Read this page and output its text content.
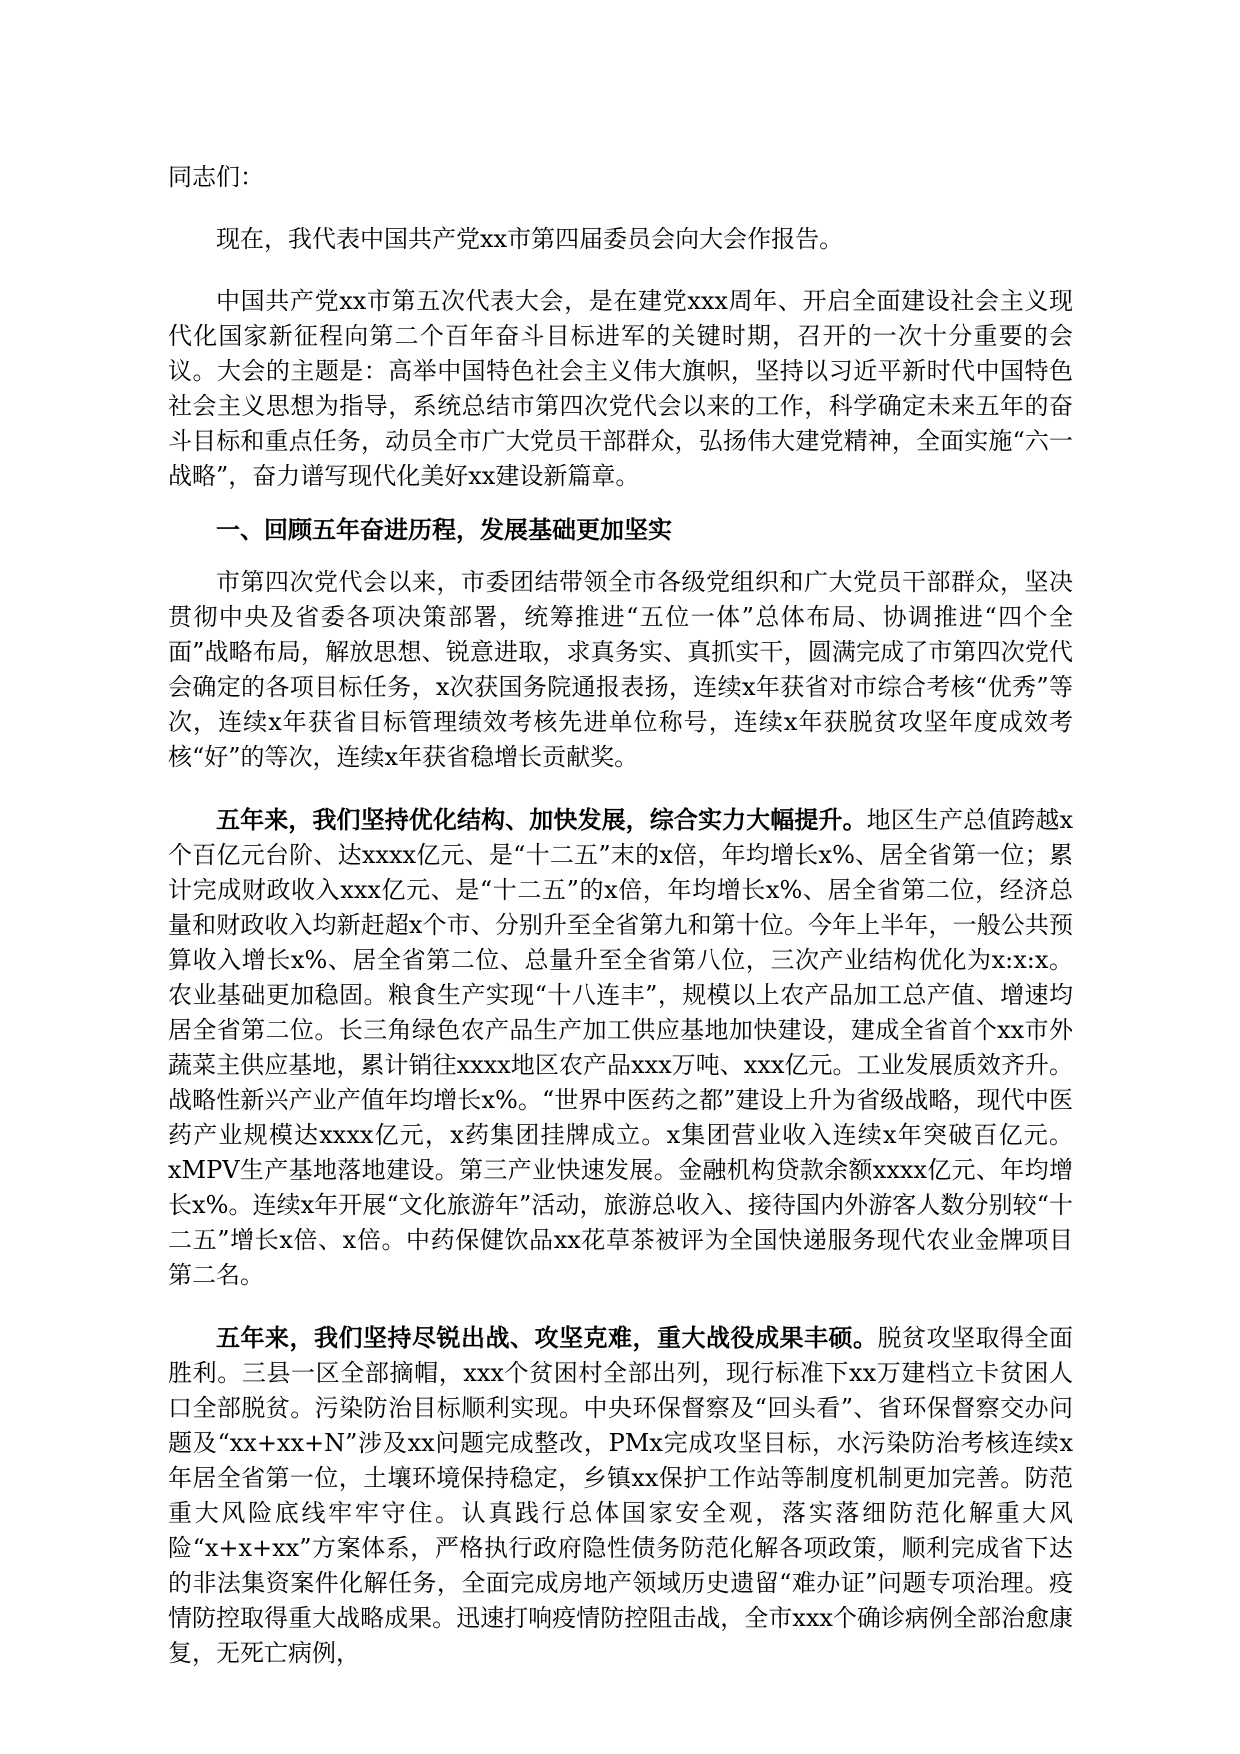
同志们：

现在，我代表中国共产党xx市第四届委员会向大会作报告。

中国共产党xx市第五次代表大会，是在建党xxx周年、开启全面建设社会主义现代化国家新征程向第二个百年奋斗目标进军的关键时期，召开的一次十分重要的会议。大会的主题是：高举中国特色社会主义伟大旗帜，坚持以习近平新时代中国特色社会主义思想为指导，系统总结市第四次党代会以来的工作，科学确定未来五年的奋斗目标和重点任务，动员全市广大党员干部群众，弘扬伟大建党精神，全面实施“六一战略”，奋力谱写现代化美好xx建设新篇章。

一、回顾五年奋进历程，发展基础更加坚实

市第四次党代会以来，市委团结带领全市各级党组织和广大党员干部群众，坚决贯彻中央及省委各项决策部署，统筹推进“五位一体”总体布局、协调推进“四个全面”战略布局，解放思想、锐意进取，求真务实、真抓实干，圆满完成了市第四次党代会确定的各项目标任务，x次获国务院通报表扬，连续x年获省对市综合考核“优秀”等次，连续x年获省目标管理绩效考核先进单位称号，连续x年获脱贫攻坚年度成效考核“好”的等次，连续x年获省稳增长贡献奖。

五年来，我们坚持优化结构、加快发展，综合实力大幅提升。地区生产总值跨越x个百亿元台阶、达xxxx亿元、是“十二五”末的x倍，年均增长x%、居全省第一位；累计完成财政收入xxx亿元、是“十二五”的x倍，年均增长x%、居全省第二位，经济总量和财政收入均新赶超x个市、分别升至全省第九和第十位。今年上半年，一般公共预算收入增长x%、居全省第二位、总量升至全省第八位，三次产业结构优化为x:x:x。农业基础更加稳固。粮食生产实现“十八连丰”，规模以上农产品加工总产值、增速均居全省第二位。长三角绿色农产品生产加工供应基地加快建设，建成全省首个xx市外蔬菜主供应基地，累计销往xxxx地区农产品xxx万吨、xxx亿元。工业发展质效齐升。战略性新兴产业产值年均增长x%。“世界中医药之都”建设上升为省级战略，现代中医药产业规模达xxxx亿元，x药集团挂牌成立。x集团营业收入连续x年突破百亿元。xMPV生产基地落地建设。第三产业快速发展。金融机构贷款余额xxxx亿元、年均增长x%。连续x年开展“文化旅游年”活动，旅游总收入、接待国内外游客人数分别较“十二五”增长x倍、x倍。中药保健饮品xx花草茶被评为全国快递服务现代农业金牌项目第二名。

五年来，我们坚持尽锐出战、攻坚克难，重大战役成果丰硕。脱贫攻坚取得全面胜利。三县一区全部摘帽，xxx个贫困村全部出列，现行标准下xx万建档立卡贫困人口全部脱贫。污染防治目标顺利实现。中央环保督察及“回头看”、省环保督察交办问题及“xx+xx+N”涉及xx问题完成整改，PMx完成攻坚目标，水污染防治考核连续x年居全省第一位，土壤环境保持稳定，乡镇xx保护工作站等制度机制更加完善。防范重大风险底线牢牢守住。认真践行总体国家安全观，落实落细防范化解重大风险“x+x+xx”方案体系，严格执行政府隐性债务防范化解各项政策，顺利完成省下达的非法集资案件化解任务，全面完成房地产领域历史遗留“难办证”问题专项治理。疫情防控取得重大战略成果。迅速打响疫情防控阻击战，全市xxx个确诊病例全部治愈康复，无死亡病例，
